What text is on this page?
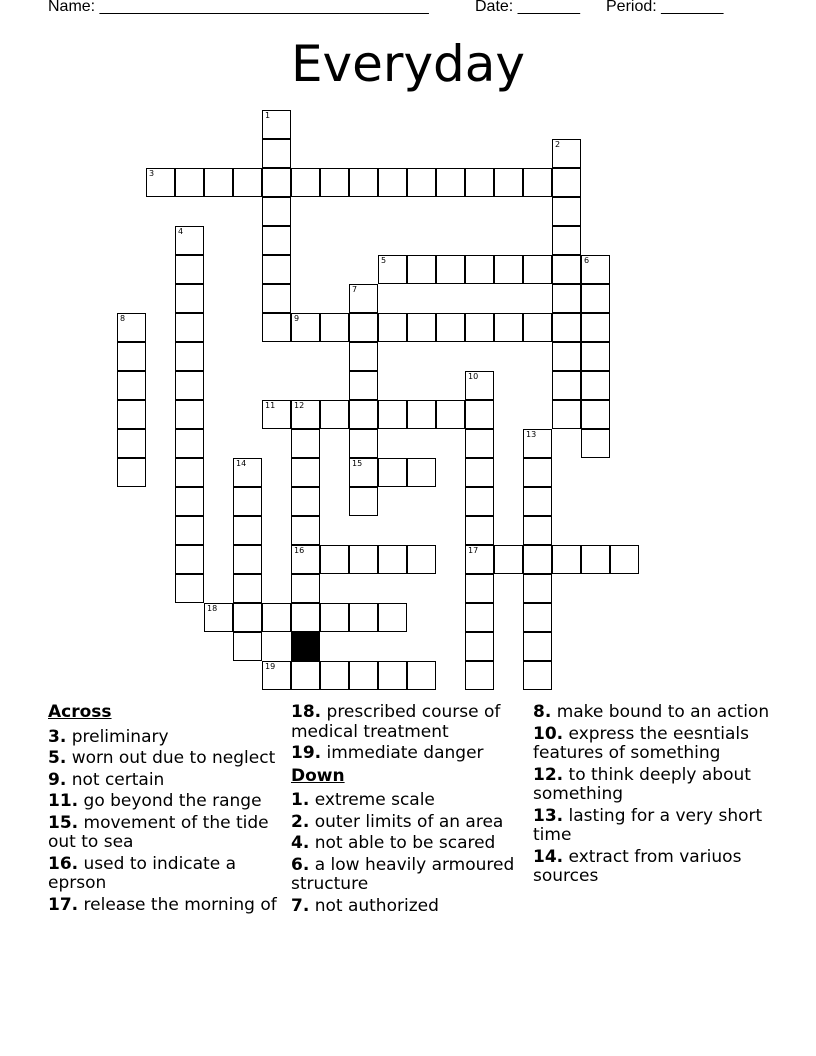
Name: _____________________________________	Date: _______ Period: _______
Everyday
1
2
3
4
5	6
7
15
8	9
10
17
11 12
16
13
14
18
19
Across
3. preliminary
5. worn out due to neglect
9. not certain
11. go beyond the range
15. movement of the tide out to sea
16. used to indicate a eprson
17. release the morning of
18. prescribed course of medical treatment
19. immediate danger
Down
1. extreme scale
2. outer limits of an area
4. not able to be scared
6. a low heavily armoured structure
7. not authorized
8. make bound to an action
10. express the eesntials features of something
12. to think deeply about something
13. lasting for a very short time
14. extract from variuos sources
